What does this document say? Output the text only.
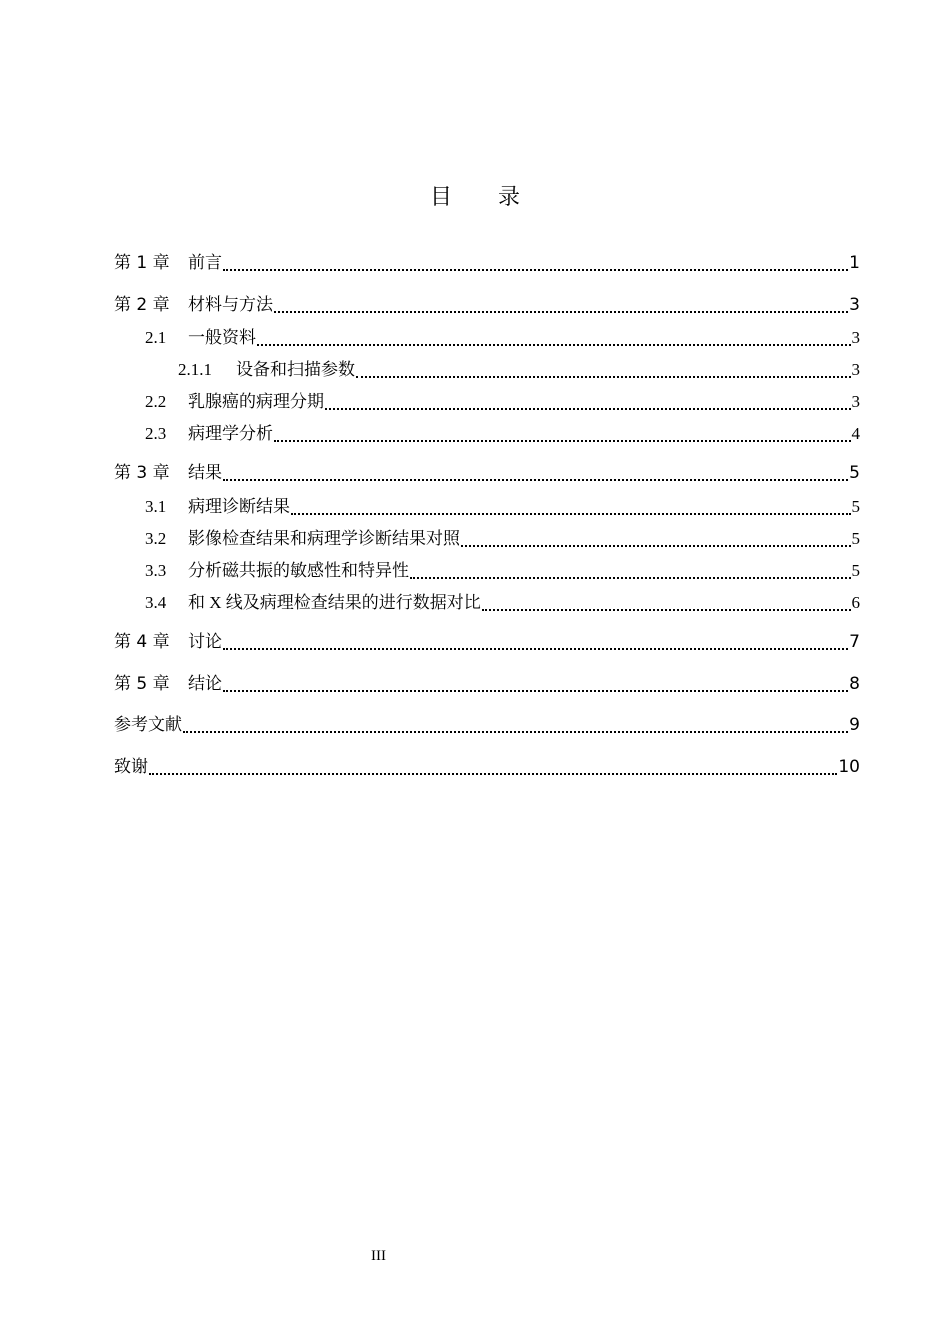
目 录
第 1 章	前言	1
第 2 章	材料与方法	3
2.1	一般资料	3
2.1.1	设备和扫描参数	3
2.2	乳腺癌的病理分期	3
2.3	病理学分析	4
第 3 章	结果	5
3.1	病理诊断结果	5
3.2	影像检查结果和病理学诊断结果对照	5
3.3	分析磁共振的敏感性和特异性	5
3.4	和 X 线及病理检查结果的进行数据对比	6
第 4 章	讨论	7
第 5 章	结论	8
参考文献	9
致谢	10
III
